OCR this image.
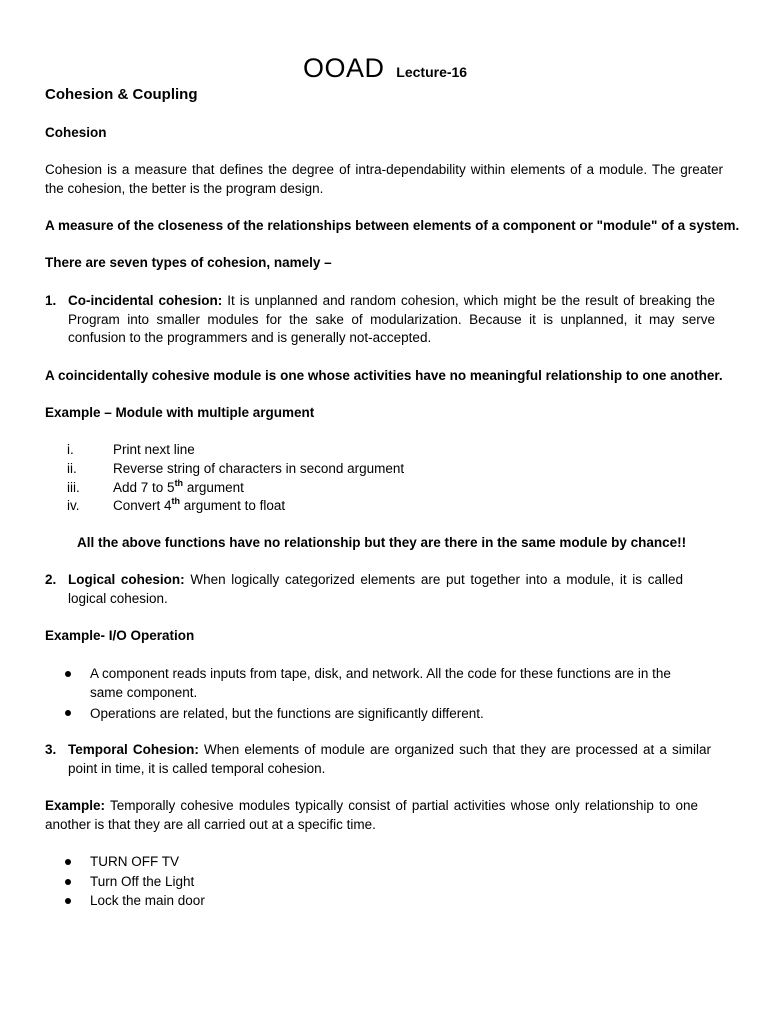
OOAD Lecture-16
Cohesion & Coupling
Cohesion
Cohesion is a measure that defines the degree of intra-dependability within elements of a module. The greater
the cohesion, the better is the program design.
A measure of the closeness of the relationships between elements of a component or "module" of a system.
There are seven types of cohesion, namely –
1. Co-incidental cohesion: It is unplanned and random cohesion, which might be the result of breaking the
Program into smaller modules for the sake of modularization. Because it is unplanned, it may serve
confusion to the programmers and is generally not-accepted.
A coincidentally cohesive module is one whose activities have no meaningful relationship to one another.
Example – Module with multiple argument
i.	Print next line
ii.	Reverse string of characters in second argument
iii. Add 7 to 5th argument
iv. Convert 4th argument to float
All the above functions have no relationship but they are there in the same module by chance!!
2. Logical cohesion: When logically categorized elements are put together into a module, it is called
logical cohesion.
Example- I/O Operation
A component reads inputs from tape, disk, and network. All the code for these functions are in the
same component.
Operations are related, but the functions are significantly different.
3. Temporal Cohesion: When elements of module are organized such that they are processed at a similar
point in time, it is called temporal cohesion.
Example: Temporally cohesive modules typically consist of partial activities whose only relationship to one
another is that they are all carried out at a specific time.
TURN OFF TV
Turn Off the Light
Lock the main door
